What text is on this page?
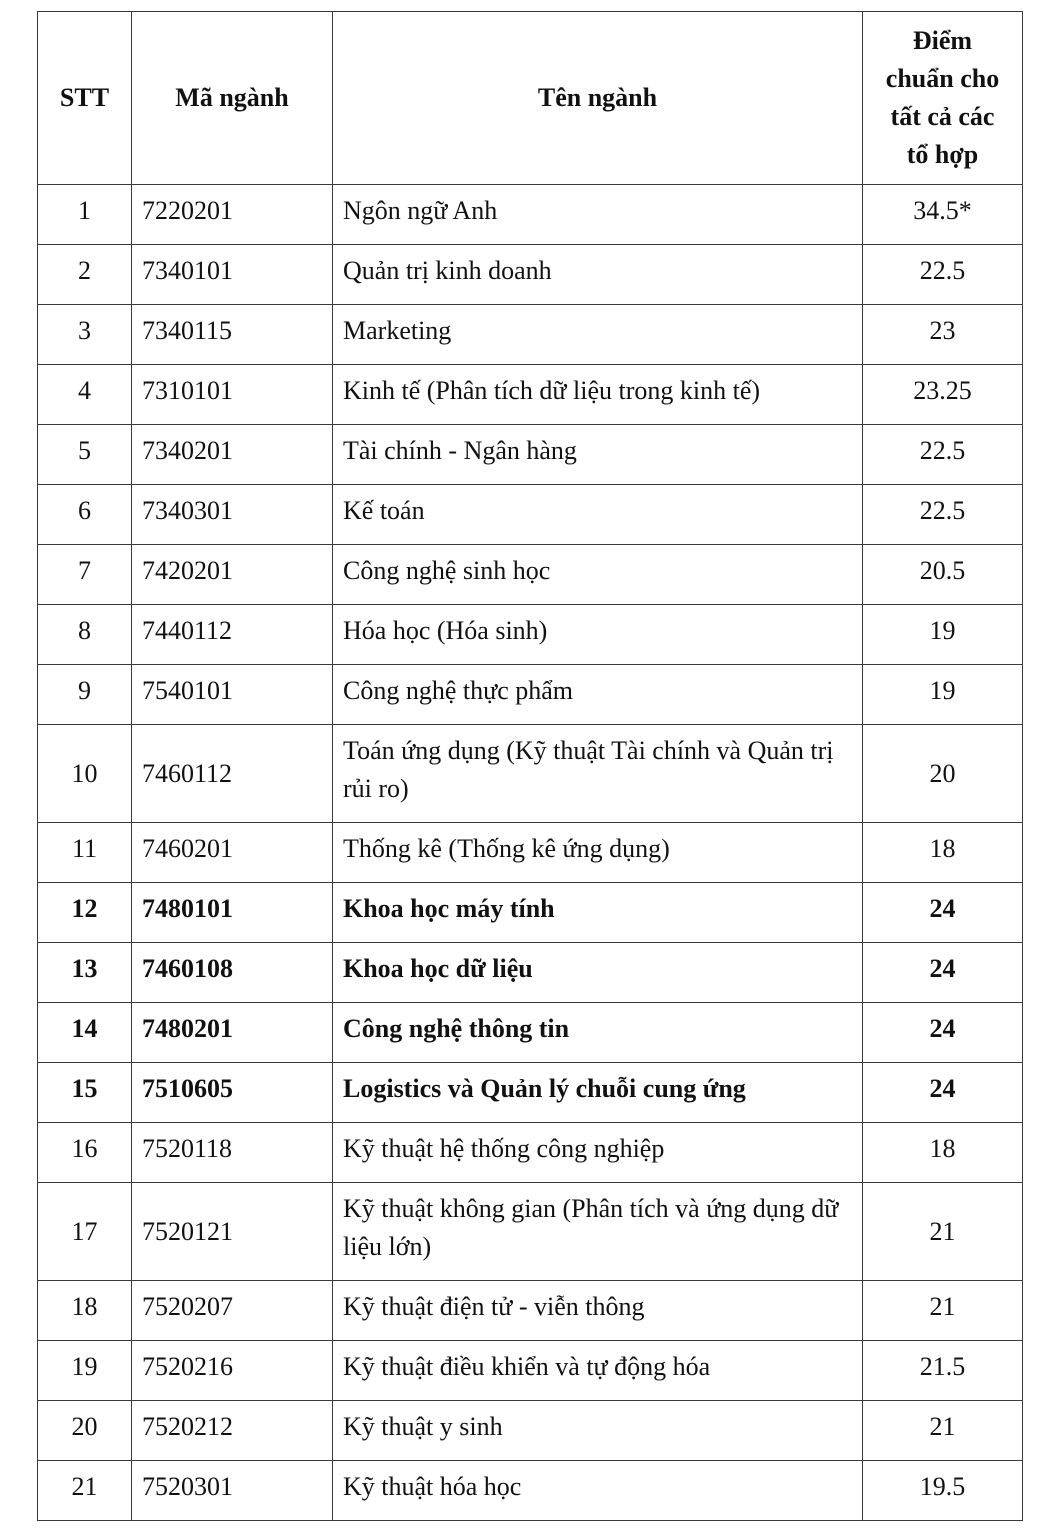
STT	Mã ngành	Tên ngành	Điểm
chuẩn cho
tất cả các
tổ hợp
1	7220201	Ngôn ngữ Anh	34.5*
2	7340101	Quản trị kinh doanh	22.5
3	7340115	Marketing	23
4	7310101	Kinh tế (Phân tích dữ liệu trong kinh tế)	23.25
5	7340201	Tài chính - Ngân hàng	22.5
6	7340301	Kế toán	22.5
7	7420201	Công nghệ sinh học	20.5
8	7440112	Hóa học (Hóa sinh)	19
9	7540101	Công nghệ thực phẩm	19
10	7460112	Toán ứng dụng (Kỹ thuật Tài chính và Quản trị rủi ro)	20
11	7460201	Thống kê (Thống kê ứng dụng)	18
12	7480101	Khoa học máy tính	24
13	7460108	Khoa học dữ liệu	24
14	7480201	Công nghệ thông tin	24
15	7510605	Logistics và Quản lý chuỗi cung ứng	24
16	7520118	Kỹ thuật hệ thống công nghiệp	18
17	7520121	Kỹ thuật không gian (Phân tích và ứng dụng dữ liệu lớn)	21
18	7520207	Kỹ thuật điện tử - viễn thông	21
19	7520216	Kỹ thuật điều khiển và tự động hóa	21.5
20	7520212	Kỹ thuật y sinh	21
21	7520301	Kỹ thuật hóa học	19.5
